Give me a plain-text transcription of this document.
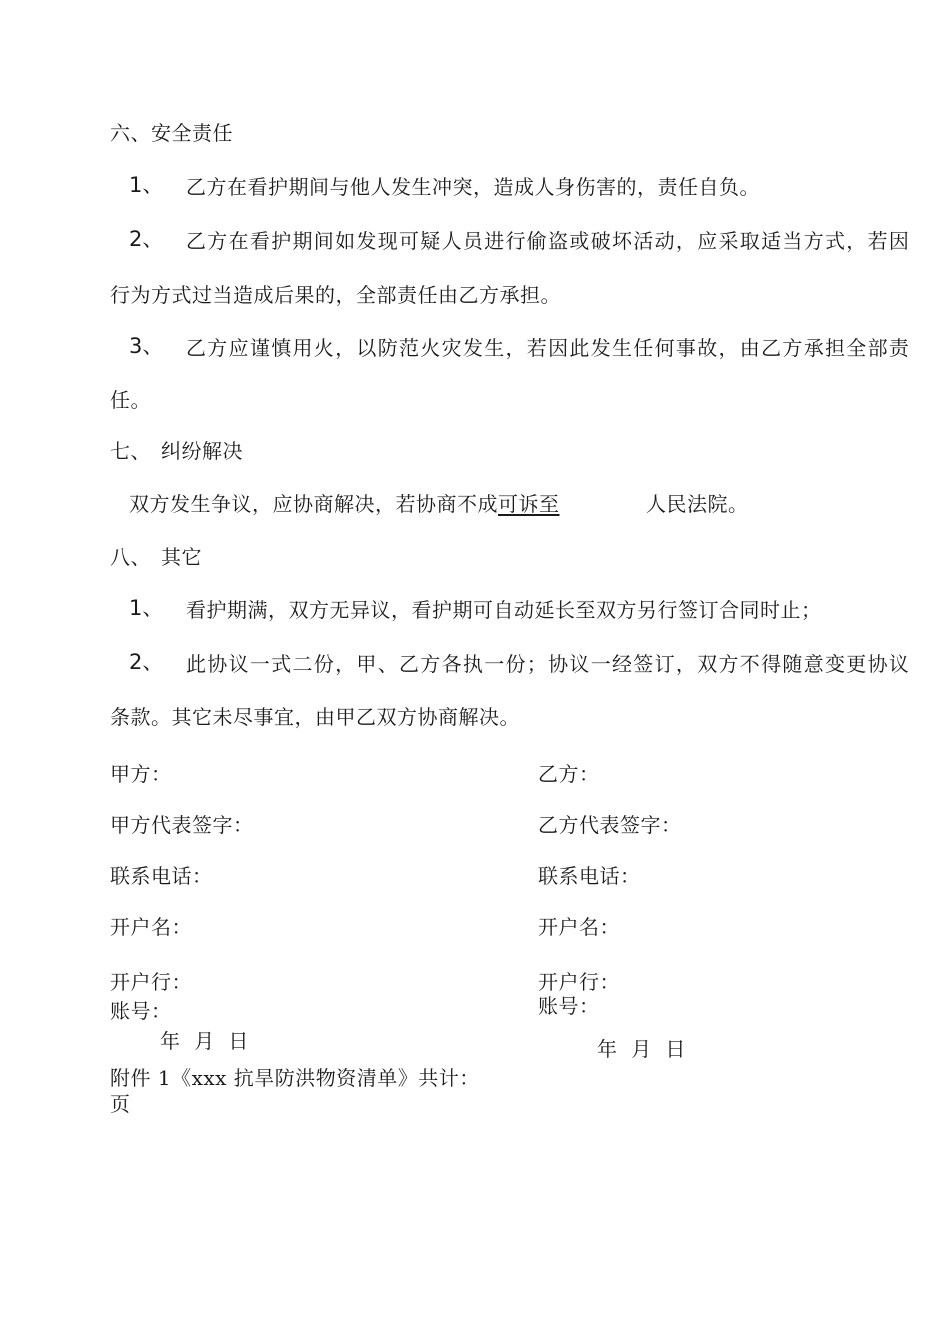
六、安全责任
1、 乙方在看护期间与他人发生冲突，造成人身伤害的，责任自负。
2、 乙方在看护期间如发现可疑人员进行偷盗或破坏活动，应采取适当方式，若因
行为方式过当造成后果的，全部责任由乙方承担。
3、 乙方应谨慎用火，以防范火灾发生，若因此发生任何事故，由乙方承担全部责
任。
七、 纠纷解决
双方发生争议，应协商解决，若协商不成可诉至	人民法院。
八、 其它
1、 看护期满，双方无异议，看护期可自动延长至双方另行签订合同时止；
2、 此协议一式二份，甲、乙方各执一份；协议一经签订，双方不得随意变更协议
条款。其它未尽事宜，由甲乙双方协商解决。
甲方：
甲方代表签字：
联系电话：
开户名：
开户行：
账号：
年  月  日
乙方：
乙方代表签字：
联系电话：
开户名：
开户行：
账号：
年  月  日
附件 1《xxx 抗旱防洪物资清单》共计：
页
